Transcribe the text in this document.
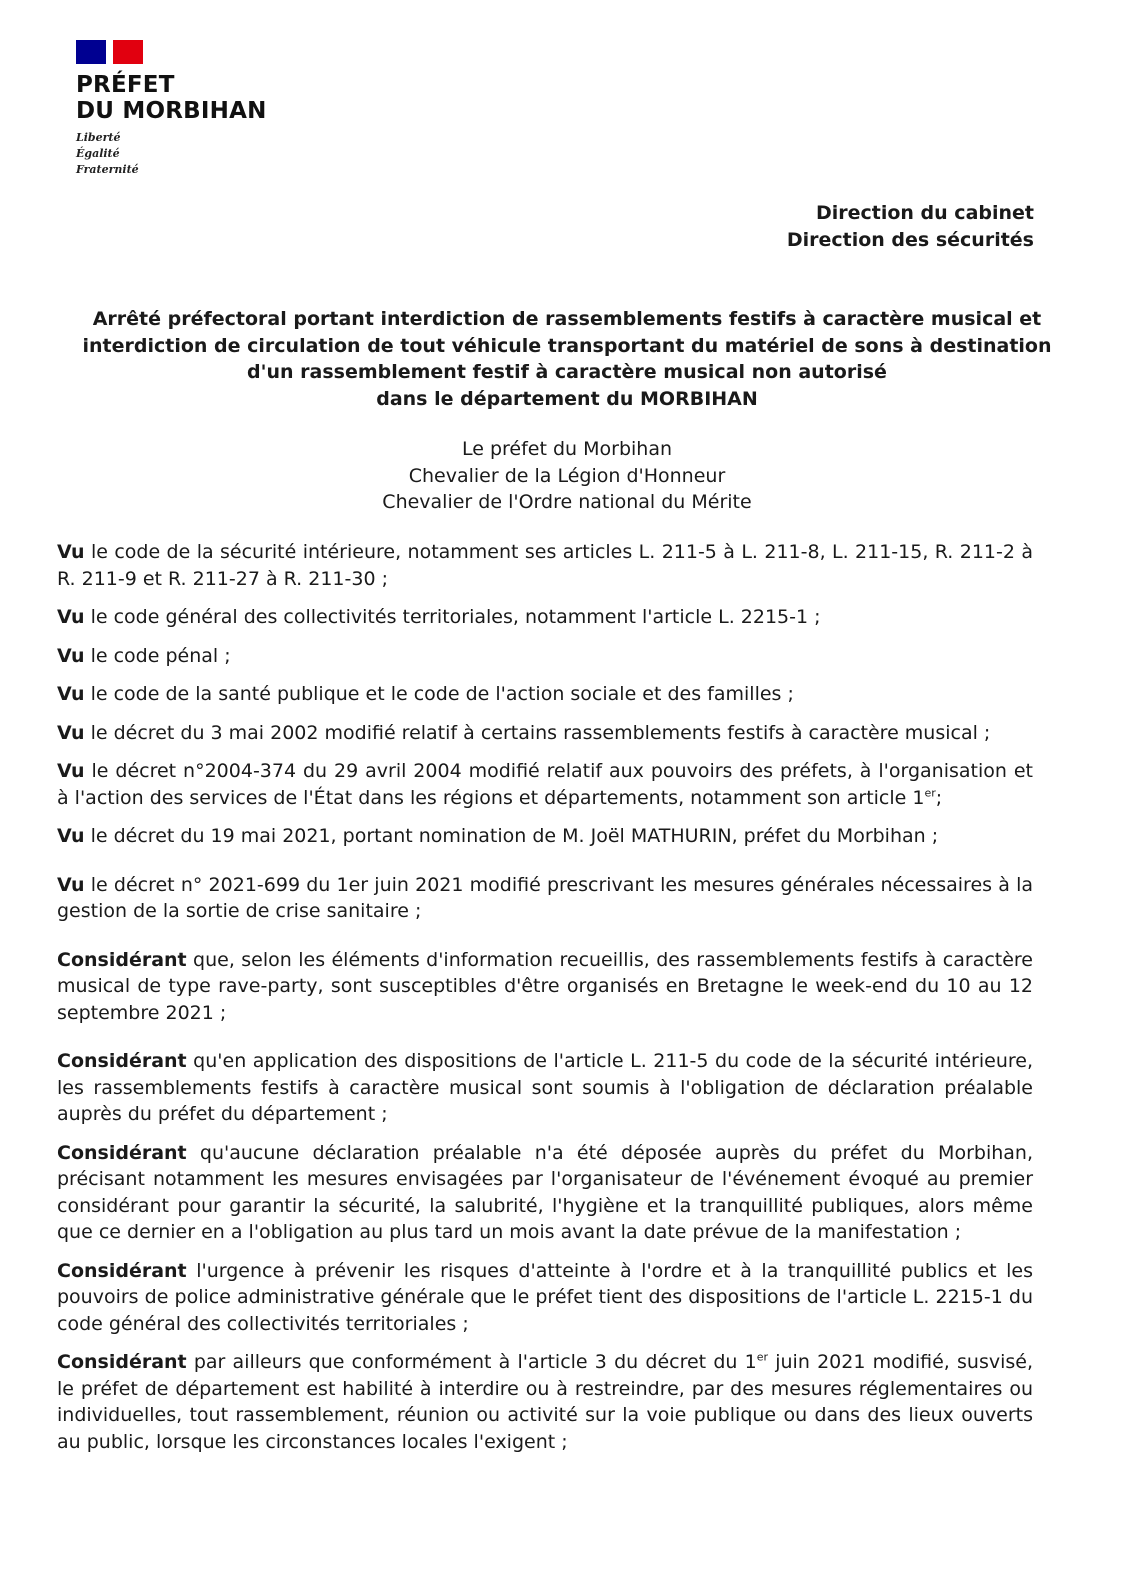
PRÉFET
DU MORBIHAN
Liberté
Égalité
Fraternité
Direction du cabinet
Direction des sécurités
Arrêté préfectoral portant interdiction de rassemblements festifs à caractère musical et
interdiction de circulation de tout véhicule transportant du matériel de sons à destination
d'un rassemblement festif à caractère musical non autorisé
dans le département du MORBIHAN
Le préfet du Morbihan
Chevalier de la Légion d'Honneur
Chevalier de l'Ordre national du Mérite

Vu le code de la sécurité intérieure, notamment ses articles L. 211-5 à L. 211-8, L. 211-15, R. 211-2 à R. 211-9 et R. 211-27 à R. 211-30 ;

Vu le code général des collectivités territoriales, notamment l'article L. 2215-1 ;

Vu le code pénal ;

Vu le code de la santé publique et le code de l'action sociale et des familles ;

Vu le décret du 3 mai 2002 modifié relatif à certains rassemblements festifs à caractère musical ;

Vu le décret n°2004-374 du 29 avril 2004 modifié relatif aux pouvoirs des préfets, à l'organisation et à l'action des services de l'État dans les régions et départements, notamment son article 1er;

Vu le décret du 19 mai 2021, portant nomination de M. Joël MATHURIN, préfet du Morbihan ;

Vu le décret n° 2021-699 du 1er juin 2021 modifié prescrivant les mesures générales nécessaires à la gestion de la sortie de crise sanitaire ;

Considérant que, selon les éléments d'information recueillis, des rassemblements festifs à caractère musical de type rave-party, sont susceptibles d'être organisés en Bretagne le week-end du 10 au 12 septembre 2021 ;

Considérant qu'en application des dispositions de l'article L. 211-5 du code de la sécurité intérieure, les rassemblements festifs à caractère musical sont soumis à l'obligation de déclaration préalable auprès du préfet du département ;

Considérant qu'aucune déclaration préalable n'a été déposée auprès du préfet du Morbihan, précisant notamment les mesures envisagées par l'organisateur de l'événement évoqué au premier considérant pour garantir la sécurité, la salubrité, l'hygiène et la tranquillité publiques, alors même que ce dernier en a l'obligation au plus tard un mois avant la date prévue de la manifestation ;

Considérant l'urgence à prévenir les risques d'atteinte à l'ordre et à la tranquillité publics et les pouvoirs de police administrative générale que le préfet tient des dispositions de l'article L. 2215-1 du code général des collectivités territoriales ;

Considérant par ailleurs que conformément à l'article 3 du décret du 1er juin 2021 modifié, susvisé, le préfet de département est habilité à interdire ou à restreindre, par des mesures réglementaires ou individuelles, tout rassemblement, réunion ou activité sur la voie publique ou dans des lieux ouverts au public, lorsque les circonstances locales l'exigent ;
